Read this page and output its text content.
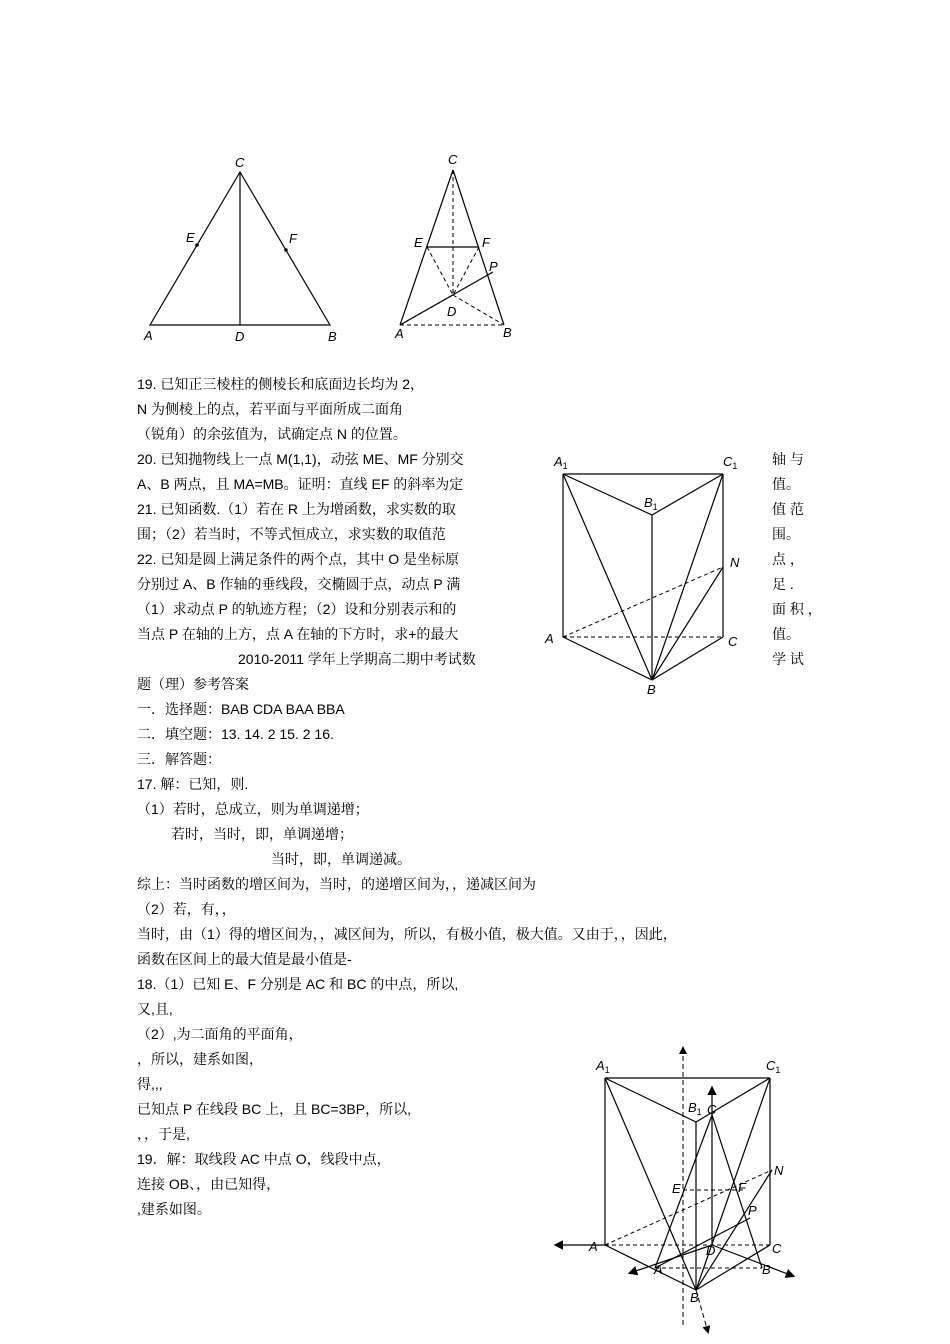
C
E	F
A	D	B
C
E	F
P
D
A	B
$A_1$	$C_1$
$B_1$
N
A	C
B
$A_1$	$C_1$
$B_1$ C
N
E	F
P
A	D	C
A	B
B
19. 已知正三棱柱的侧棱长和底面边长均为 2，
N 为侧棱上的点，若平面与平面所成二面角
（锐角）的余弦值为，试确定点 N 的位置。
20. 已知抛物线上一点 M(1,1)，动弦 ME、MF 分别交
A、B 两点，且 MA=MB。证明：直线 EF 的斜率为定
21. 已知函数.（1）若在 R 上为增函数，求实数的取
围；（2）若当时，不等式恒成立，求实数的取值范
22. 已知是圆上满足条件的两个点，其中 O 是坐标原
分别过 A、B 作轴的垂线段，交椭圆于点，动点 P 满
（1）求动点 P 的轨迹方程；（2）设和分别表示和的
当点 P 在轴的上方，点 A 在轴的下方时，求+的最大
2010-2011 学年上学期高二期中考试数
题（理）参考答案
一．选择题：BAB CDA BAA BBA
二．填空题：13. 14. 2 15. 2 16.
三．解答题：
17. 解：已知，则.
（1）若时，总成立，则为单调递增；
若时，当时，即，单调递增；
当时，即，单调递减。
综上：当时函数的增区间为，当时，的递增区间为，，递减区间为
（2）若，有，，
当时，由（1）得的增区间为，，减区间为，所以，有极小值，极大值。又由于，，因此，
函数在区间上的最大值是最小值是-
18.（1）已知 E、F 分别是 AC 和 BC 的中点，所以,
又,且,
（2）,为二面角的平面角，
，所以，建系如图，
得,,,
已知点 P 在线段 BC 上，且 BC=3BP，所以,
，，于是,
19．解：取线段 AC 中点 O，线段中点，
连接 OB、，由已知得，
,建系如图。
轴 与
值。
值 范
围。
点 ，
足 .
面 积 ，
值。
学 试
